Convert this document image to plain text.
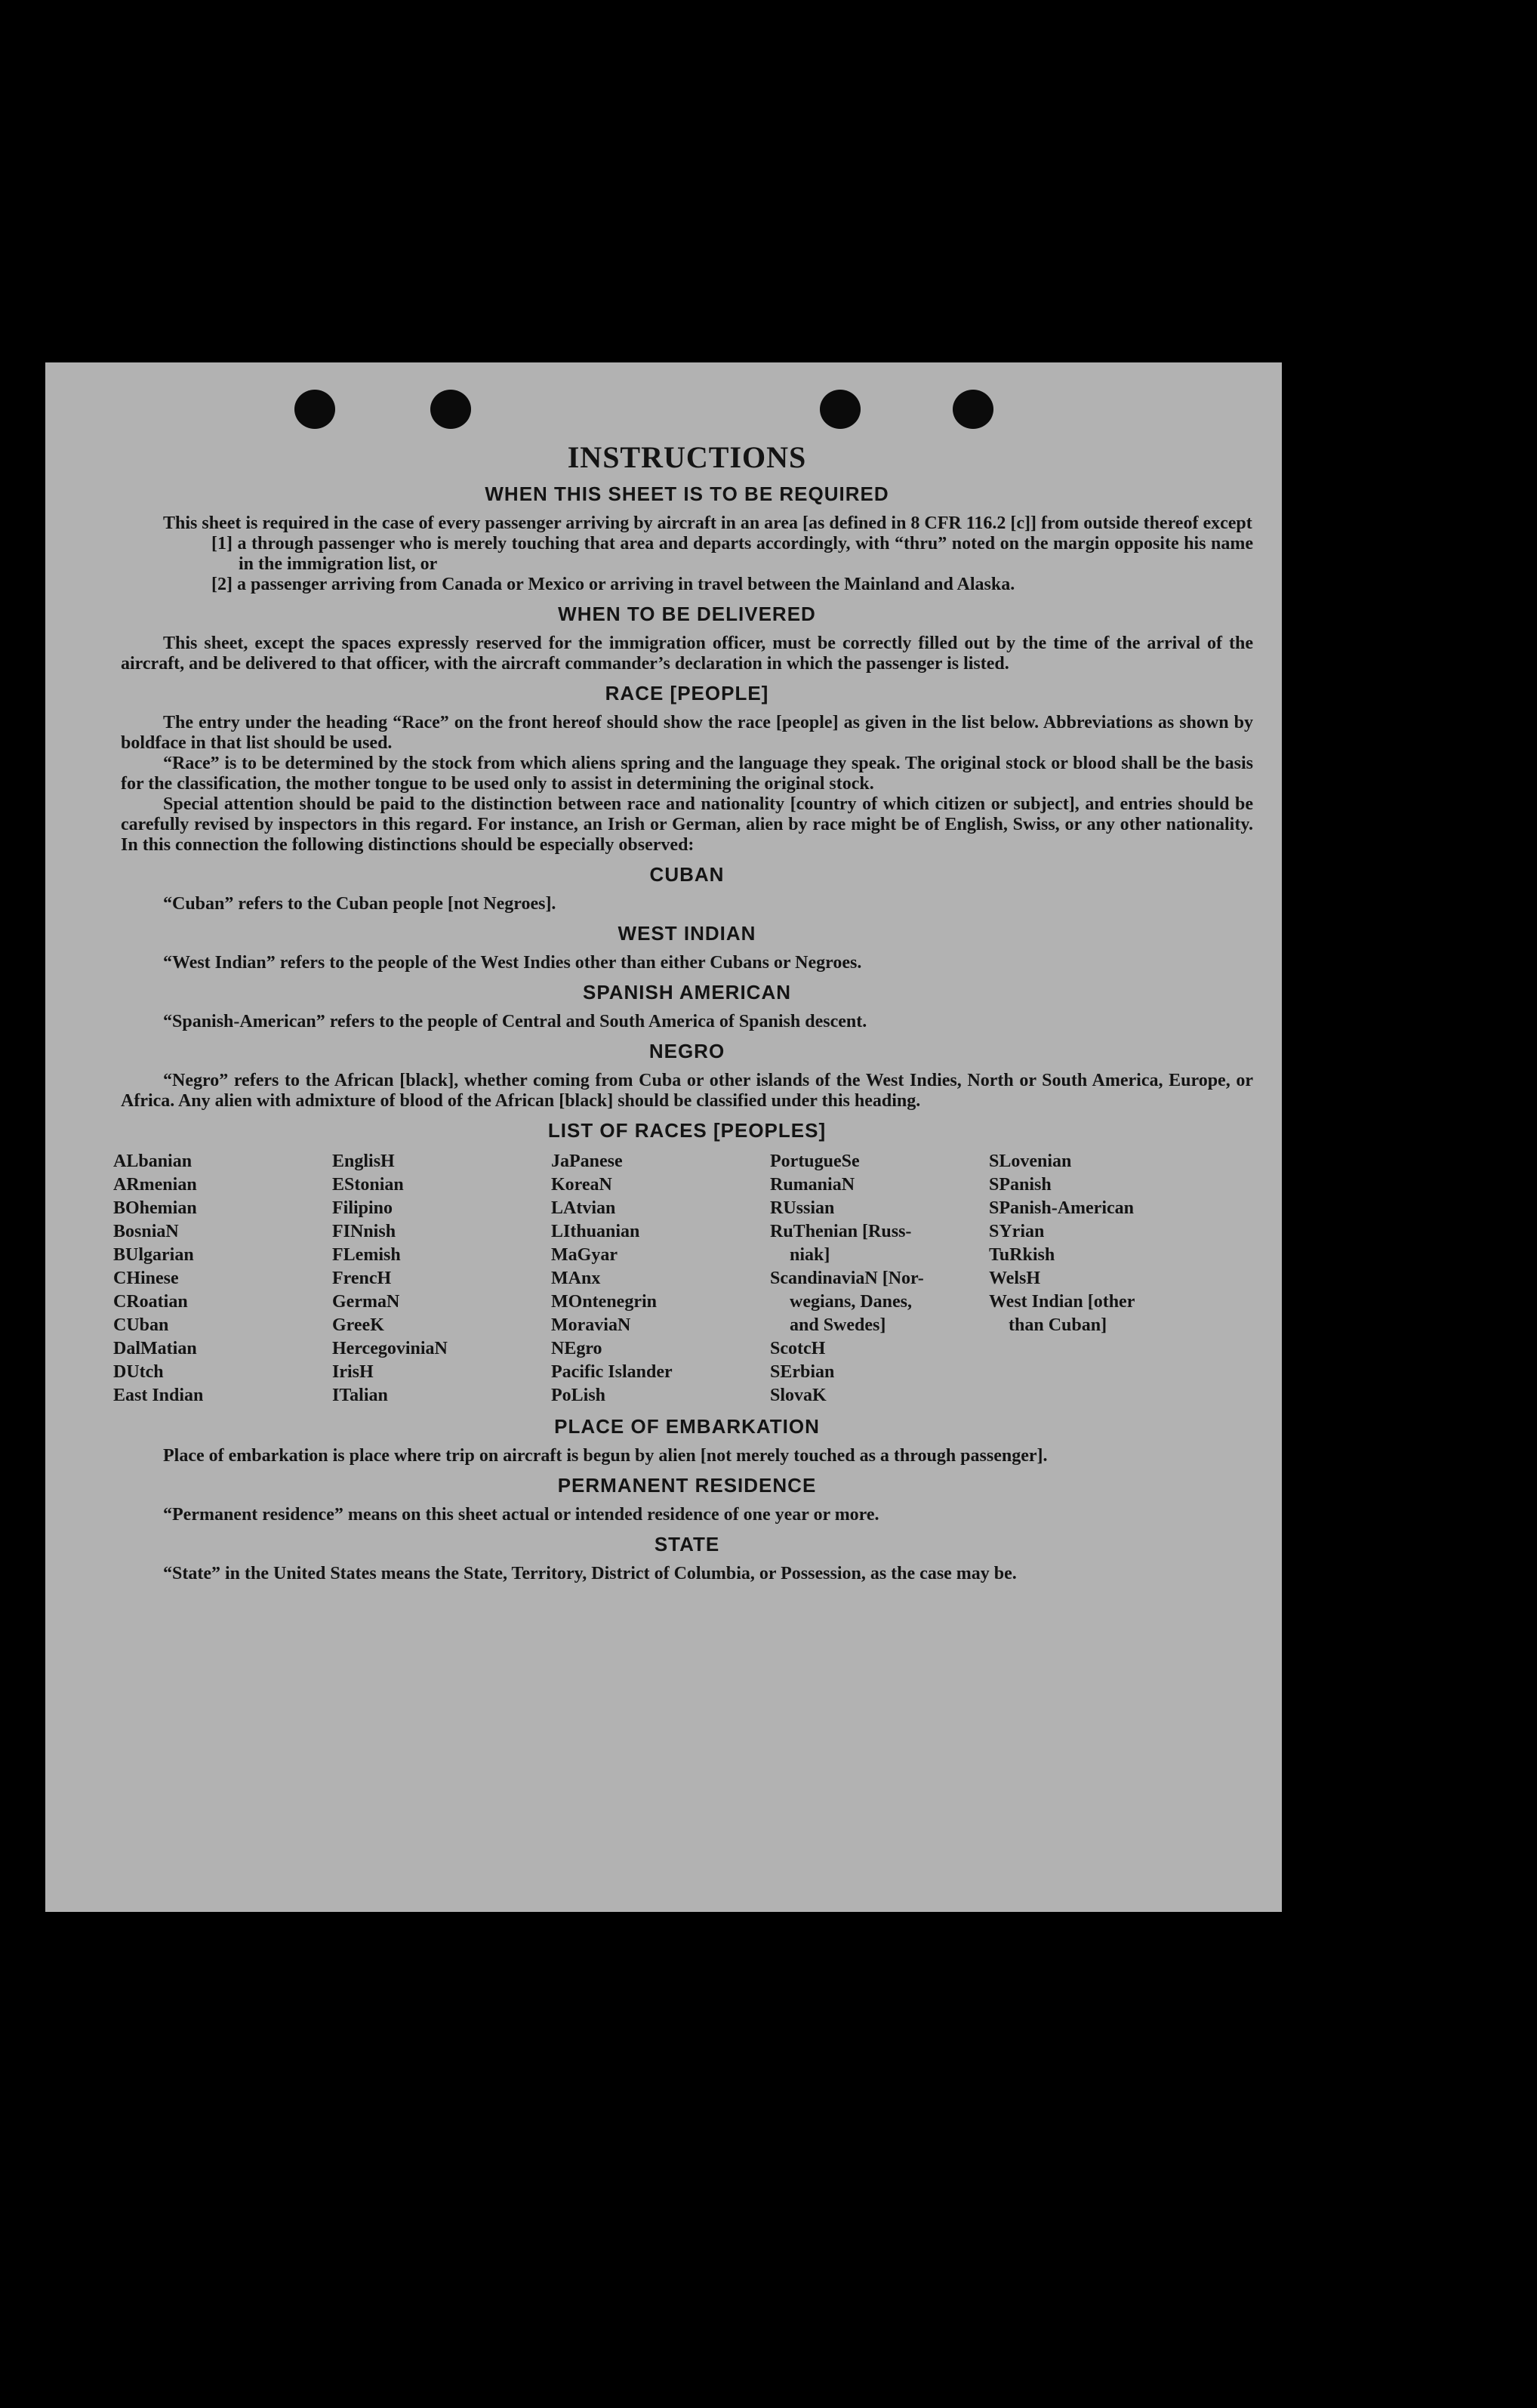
INSTRUCTIONS
WHEN THIS SHEET IS TO BE REQUIRED

This sheet is required in the case of every passenger arriving by aircraft in an area [as defined in 8 CFR 116.2 [c]] from outside thereof except

[1] a through passenger who is merely touching that area and departs accordingly, with “thru” noted on the margin opposite his name in the immigration list, or

[2] a passenger arriving from Canada or Mexico or arriving in travel between the Mainland and Alaska.

WHEN TO BE DELIVERED

This sheet, except the spaces expressly reserved for the immigration officer, must be correctly filled out by the time of the arrival of the aircraft, and be delivered to that officer, with the aircraft commander’s declaration in which the passenger is listed.

RACE [PEOPLE]

The entry under the heading “Race” on the front hereof should show the race [people] as given in the list below. Abbreviations as shown by boldface in that list should be used.

“Race” is to be determined by the stock from which aliens spring and the language they speak. The original stock or blood shall be the basis for the classification, the mother tongue to be used only to assist in determining the original stock.

Special attention should be paid to the distinction between race and nationality [country of which citizen or subject], and entries should be carefully revised by inspectors in this regard. For instance, an Irish or German, alien by race might be of English, Swiss, or any other nationality. In this connection the following distinctions should be especially observed:

CUBAN

“Cuban” refers to the Cuban people [not Negroes].

WEST INDIAN

“West Indian” refers to the people of the West Indies other than either Cubans or Negroes.

SPANISH AMERICAN

“Spanish-American” refers to the people of Central and South America of Spanish descent.

NEGRO

“Negro” refers to the African [black], whether coming from Cuba or other islands of the West Indies, North or South America, Europe, or Africa. Any alien with admixture of blood of the African [black] should be classified under this heading.

LIST OF RACES [PEOPLES]
ALbanian
ARmenian
BOhemian
BosniaN
BUlgarian
CHinese
CRoatian
CUban
DalMatian
DUtch
East Indian
EnglisH
EStonian
Filipino
FINnish
FLemish
FrencH
GermaN
GreeK
HercegoviniaN
IrisH
ITalian
JaPanese
KoreaN
LAtvian
LIthuanian
MaGyar
MAnx
MOntenegrin
MoraviaN
NEgro
Pacific Islander
PoLish
PortugueSe
RumaniaN
RUssian
RuThenian [Russ-
niak]
ScandinaviaN [Nor-
wegians, Danes,
and Swedes]
ScotcH
SErbian
SlovaK
SLovenian
SPanish
SPanish-American
SYrian
TuRkish
WelsH
West Indian [other
than Cuban]
PLACE OF EMBARKATION

Place of embarkation is place where trip on aircraft is begun by alien [not merely touched as a through passenger].

PERMANENT RESIDENCE

“Permanent residence” means on this sheet actual or intended residence of one year or more.

STATE

“State” in the United States means the State, Territory, District of Columbia, or Possession, as the case may be.
